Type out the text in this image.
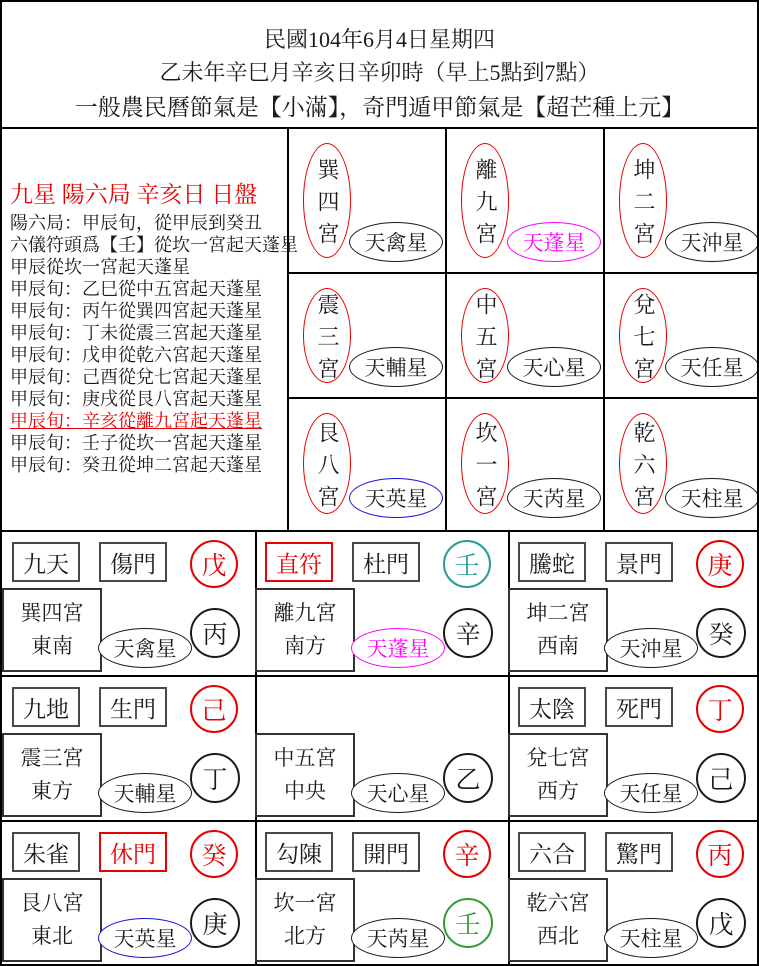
民國104年6月4日星期四
乙未年辛巳月辛亥日辛卯時（早上5點到7點）
一般農民曆節氣是【小滿】，奇門遁甲節氣是【超芒種上元】
九星 陽六局 辛亥日 日盤
陽六局：甲辰旬，從甲辰到癸丑
六儀符頭爲【壬】從坎一宮起天蓬星
甲辰從坎一宮起天蓬星
甲辰旬：乙巳從中五宮起天蓬星
甲辰旬：丙午從巽四宮起天蓬星
甲辰旬：丁未從震三宮起天蓬星
甲辰旬：戊申從乾六宮起天蓬星
甲辰旬：己酉從兌七宮起天蓬星
甲辰旬：庚戌從艮八宮起天蓬星
甲辰旬：辛亥從離九宮起天蓬星
甲辰旬：壬子從坎一宮起天蓬星
甲辰旬：癸丑從坤二宮起天蓬星
巽四宮	天禽星	離九宮	天蓬星	坤二宮	天沖星
震三宮	天輔星	中五宮	天心星	兌七宮	天任星
艮八宮	天英星	坎一宮	天芮星	乾六宮	天柱星
九天	傷門	戊
巽四宮
東南	天禽星	丙
直符	杜門	壬
離九宮
南方	天蓬星	辛
騰蛇	景門	庚
坤二宮
西南	天沖星	癸
九地	生門	己
震三宮
東方	天輔星	丁
中五宮
中央	天心星	乙
太陰	死門	丁
兌七宮
西方	天任星	己
朱雀	休門	癸
艮八宮
東北	天英星	庚
勾陳	開門	辛
坎一宮
北方	天芮星	壬
六合	驚門	丙
乾六宮
西北	天柱星	戊
